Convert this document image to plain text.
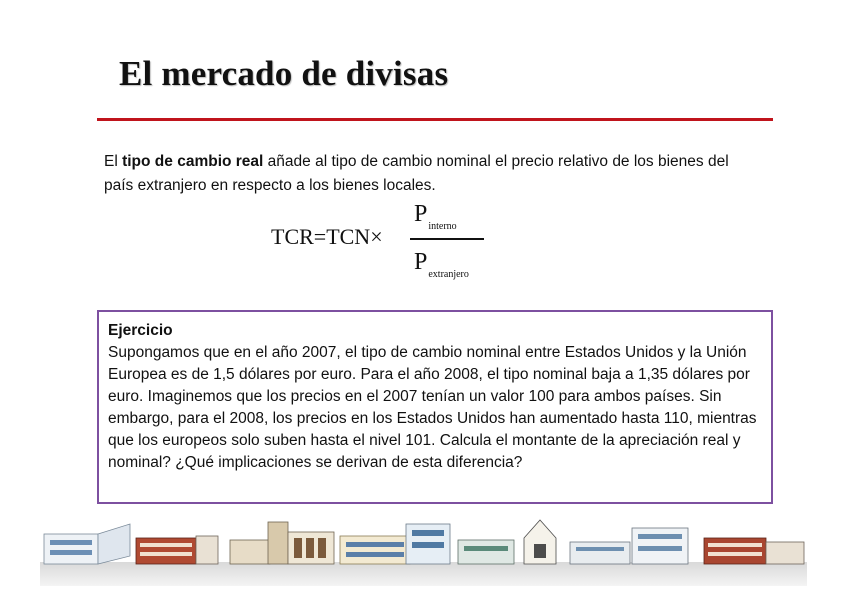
El mercado de divisas
El tipo de cambio real añade al tipo de cambio nominal el precio relativo de los bienes del país extranjero en respecto a los bienes locales.
TCR=TCN×
$P_{interno}$
$P_{extranjero}$
Ejercicio
Supongamos que en el año 2007, el tipo de cambio nominal entre Estados Unidos y la Unión Europea es de 1,5 dólares por euro. Para el año 2008, el tipo nominal baja a 1,35 dólares por euro. Imaginemos que los precios en el 2007 tenían un valor 100 para ambos países. Sin embargo, para el 2008, los precios en los Estados Unidos han aumentado hasta 110, mientras que los europeos solo suben hasta el nivel 101. Calcula el montante de la apreciación real y nominal? ¿Qué implicaciones se derivan de esta diferencia?
